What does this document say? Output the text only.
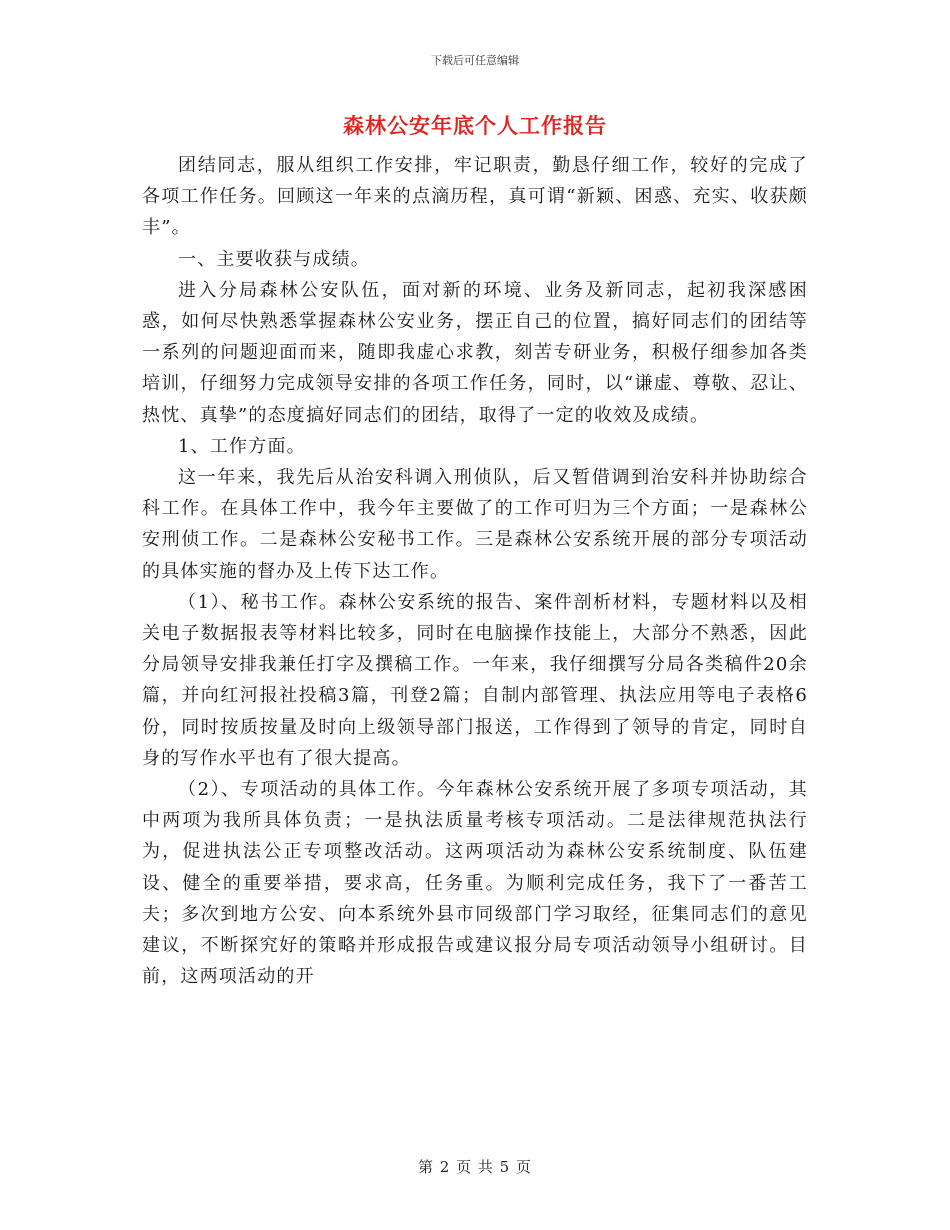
下载后可任意编辑
森林公安年底个人工作报告

团结同志，服从组织工作安排，牢记职责，勤恳仔细工作，较好的完成了各项工作任务。回顾这一年来的点滴历程，真可谓“新颖、困惑、充实、收获颇丰”。

一、主要收获与成绩。

进入分局森林公安队伍，面对新的环境、业务及新同志，起初我深感困惑，如何尽快熟悉掌握森林公安业务，摆正自己的位置，搞好同志们的团结等一系列的问题迎面而来，随即我虚心求教，刻苦专研业务，积极仔细参加各类培训，仔细努力完成领导安排的各项工作任务，同时，以“谦虚、尊敬、忍让、热忱、真挚”的态度搞好同志们的团结，取得了一定的收效及成绩。

1、工作方面。

这一年来，我先后从治安科调入刑侦队，后又暂借调到治安科并协助综合科工作。在具体工作中，我今年主要做了的工作可归为三个方面；一是森林公安刑侦工作。二是森林公安秘书工作。三是森林公安系统开展的部分专项活动的具体实施的督办及上传下达工作。

（1）、秘书工作。森林公安系统的报告、案件剖析材料，专题材料以及相关电子数据报表等材料比较多，同时在电脑操作技能上，大部分不熟悉，因此分局领导安排我兼任打字及撰稿工作。一年来，我仔细撰写分局各类稿件20余篇，并向红河报社投稿3篇，刊登2篇；自制内部管理、执法应用等电子表格6份，同时按质按量及时向上级领导部门报送，工作得到了领导的肯定，同时自身的写作水平也有了很大提高。

（2）、专项活动的具体工作。今年森林公安系统开展了多项专项活动，其中两项为我所具体负责；一是执法质量考核专项活动。二是法律规范执法行为，促进执法公正专项整改活动。这两项活动为森林公安系统制度、队伍建设、健全的重要举措，要求高，任务重。为顺利完成任务，我下了一番苦工夫；多次到地方公安、向本系统外县市同级部门学习取经，征集同志们的意见建议，不断探究好的策略并形成报告或建议报分局专项活动领导小组研讨。目前，这两项活动的开

第 2 页 共 5 页
